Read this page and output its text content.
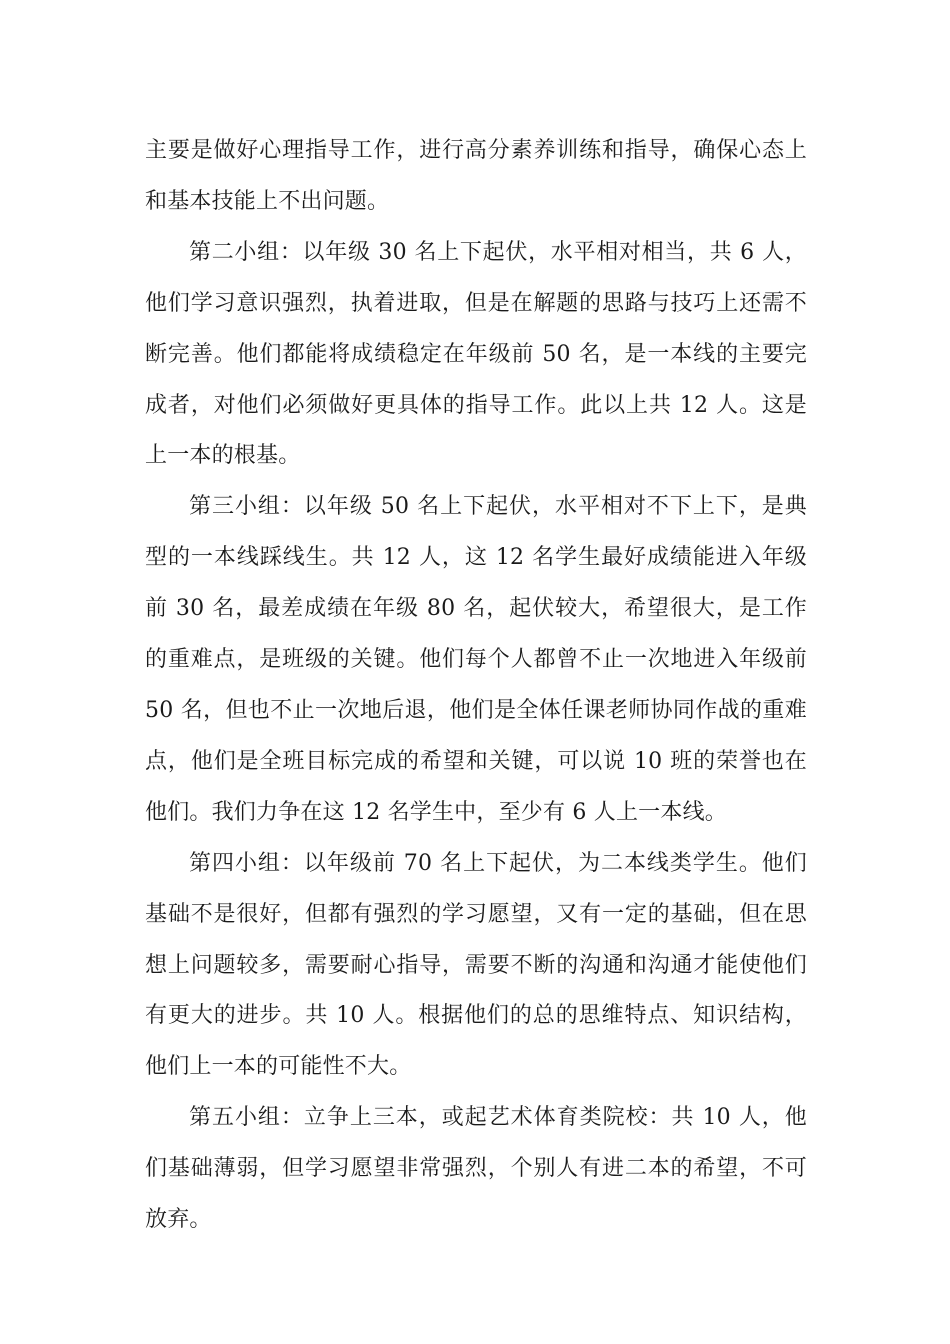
主要是做好心理指导工作，进行高分素养训练和指导，确保心态上和基本技能上不出问题。

第二小组：以年级 30 名上下起伏，水平相对相当，共 6 人，他们学习意识强烈，执着进取，但是在解题的思路与技巧上还需不断完善。他们都能将成绩稳定在年级前 50 名，是一本线的主要完成者，对他们必须做好更具体的指导工作。此以上共 12 人。这是上一本的根基。

第三小组：以年级 50 名上下起伏，水平相对不下上下，是典型的一本线踩线生。共 12 人，这 12 名学生最好成绩能进入年级前 30 名，最差成绩在年级 80 名，起伏较大，希望很大，是工作的重难点，是班级的关键。他们每个人都曾不止一次地进入年级前 50 名，但也不止一次地后退，他们是全体任课老师协同作战的重难点，他们是全班目标完成的希望和关键，可以说 10 班的荣誉也在他们。我们力争在这 12 名学生中，至少有 6 人上一本线。

第四小组：以年级前 70 名上下起伏，为二本线类学生。他们基础不是很好，但都有强烈的学习愿望，又有一定的基础，但在思想上问题较多，需要耐心指导，需要不断的沟通和沟通才能使他们有更大的进步。共 10 人。根据他们的总的思维特点、知识结构，他们上一本的可能性不大。

第五小组：立争上三本，或起艺术体育类院校：共 10 人，他们基础薄弱，但学习愿望非常强烈，个别人有进二本的希望，不可放弃。
